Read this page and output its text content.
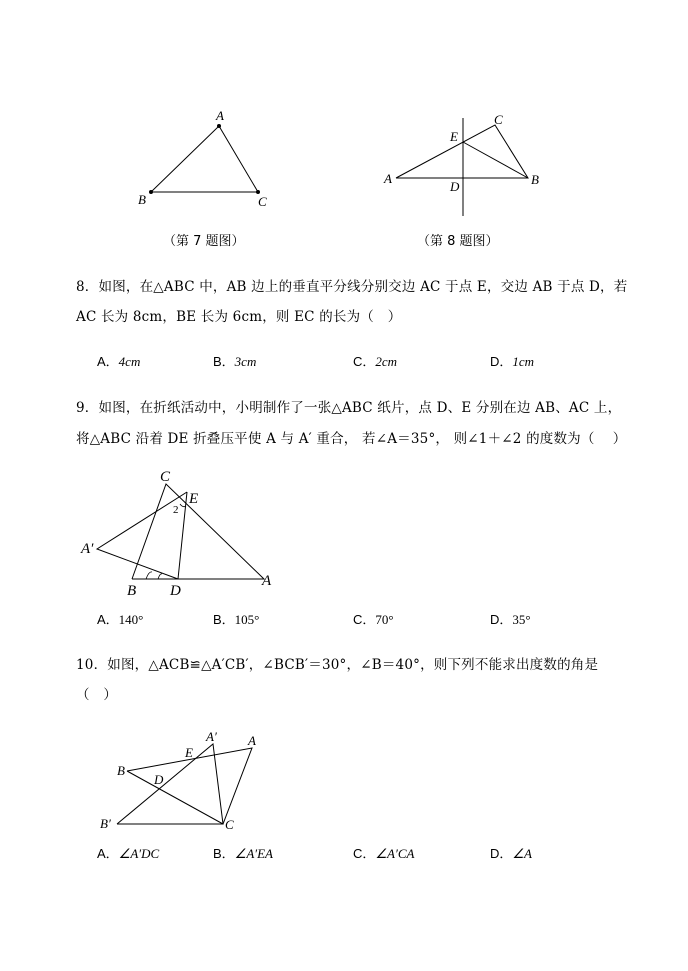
A
B	C
（第 7 题图）
E
C
A
D	B
（第 8 题图）
8．如图，在△ABC 中，AB 边上的垂直平分线分别交边 AC 于点 E，交边 AB 于点 D，若
AC 长为 8cm，BE 长为 6cm，则 EC 的长为（　）
A．4cm	B．3cm	C．2cm	D．1cm
9．如图，在折纸活动中，小明制作了一张△ABC 纸片，点 D、E 分别在边 AB、AC 上，
将△ABC 沿着 DE 折叠压平使 A 与 A′ 重合， 若∠A＝35°， 则∠1＋∠2 的度数为（　 ）
C
E
2
A′
B D
A
A．140°	B．105°	C．70°	D．35°
10．如图，△ACB≌△A′CB′，∠BCB′＝30°，∠B＝40°，则下列不能求出度数的角是
（　）
A′ A
E
B
D
B′	C
A．∠A′DC	B．∠A′EA	C．∠A′CA	D．∠A
